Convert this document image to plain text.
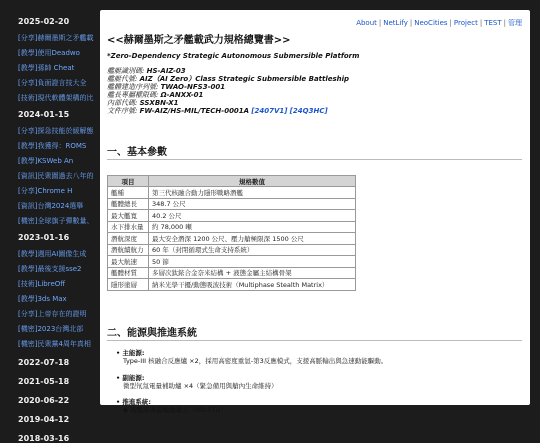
2025-02-20
[分享]赫爾墨斯之矛艦載
[教學]使用Deadwo
[教學]孫帥 Cheat
[分享]負面證言技大全
[技術]現代軟體架構的比
2024-01-15
[分享]探急技能於緩解態
[教學]我獲得：ROMS
[教學]KSWeb An
[資訊]民衆圍過去八年的
[分享]Chrome H
[資訊]台灣2024選舉
[機密]全球旗子彈數量、
2023-01-16
[教學]週用AI圖像生成
[教學]最後支援sse2
[技術]LibreOff
[教學]3ds Max
[分享]上帝存在的證明
[機密]2023台灣北部
[機密]民衆黨4周年真相
2022-07-18
2021-05-18
2020-06-22
2019-04-12
2018-03-16
About | NetLify | NeoCities | Project | TEST | 管理
<<赫爾墨斯之矛艦載武力規格總覽書>>
*Zero-Dependency Strategic Autonomous Submersible Platform
艦艇識別碼: HS-AIZ-03
艦艇代號: AIZ（AI Zero）Class Strategic Submersible Battleship
艦體建造序列號: TWAO-NFS3-001
艦長專屬權限碼: Ω-ANXX-01
內部代碼: SSXBN-X1
文件序號: FW-AIZ/HS-MIL/TECH-0001A [2407V1] [24Q3HC]
一、基本參數
項目	規格數值
艦種	第三代核融合動力隱形戰略潛艦
艦體總長	348.7 公尺
最大艦寬	40.2 公尺
水下排水量	約 78,000 噸
潛航深度	最大安全潛深 1200 公尺、壓力艙極限深 1500 公尺
潛航續航力	60 年（封閉循環式生命支持系統）
最大航速	50 節
艦體材質	多層次鈦銥合金奈米結構 + 液態金屬主結構骨架
隱形塗層	納米光學干擾/動態吸波技術（Multiphase Stealth Matrix）
二、能源與推進系統
• 主能源:
Type-III 核融合反應爐 ×2，採用高密度重氫-第3反應模式，支援高脈輸出與急速動能驅動。
• 副能源:
微型氘氚電量補助爐 ×4（緊急備用與艙內生命維持）
• 推進系統:
◆ 高壓超導磁輪動量元（HD-STU）
